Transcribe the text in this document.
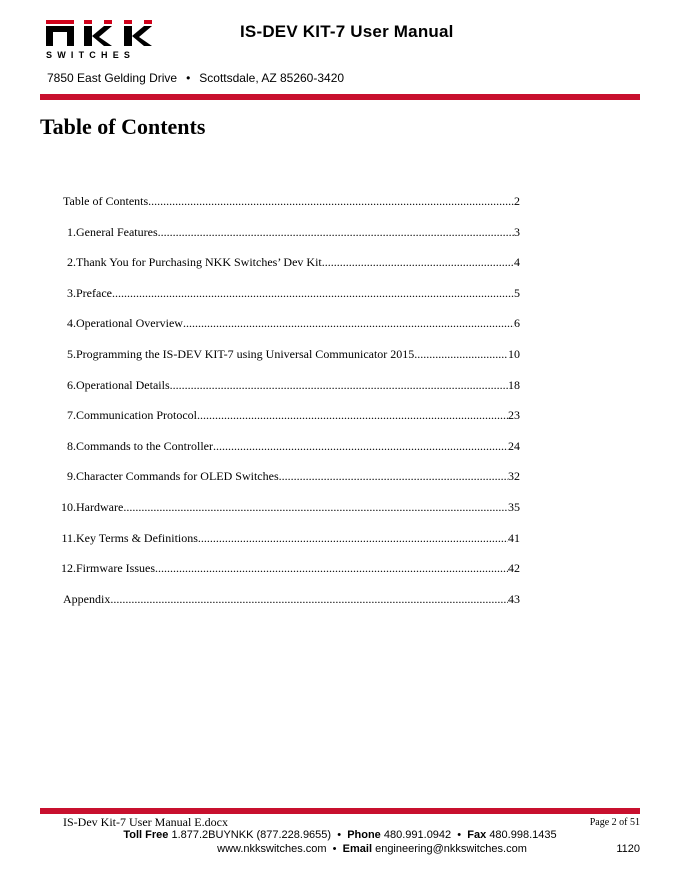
SWITCHES
IS-DEV KIT-7 User Manual
7850 East Gelding Drive • Scottsdale, AZ 85260-3420
Table of Contents
Table of Contents .....	2
1. General Features .....	3
2. Thank You for Purchasing NKK Switches’ Dev Kit .....	4
3. Preface .....	5
4. Operational Overview .....	6
5. Programming the IS-DEV KIT-7 using Universal Communicator 2015 .....	10
6. Operational Details .....	18
7. Communication Protocol .....	23
8. Commands to the Controller .....	24
9. Character Commands for OLED Switches .....	32
10. Hardware .....	35
11. Key Terms & Definitions .....	41
12. Firmware Issues .....	42
Appendix .....	43
IS-Dev Kit-7 User Manual E.docx	Page 2 of 51
Toll Free 1.877.2BUYNKK (877.228.9655) • Phone 480.991.0942 • Fax 480.998.1435
www.nkkswitches.com • Email engineering@nkkswitches.com	1120
